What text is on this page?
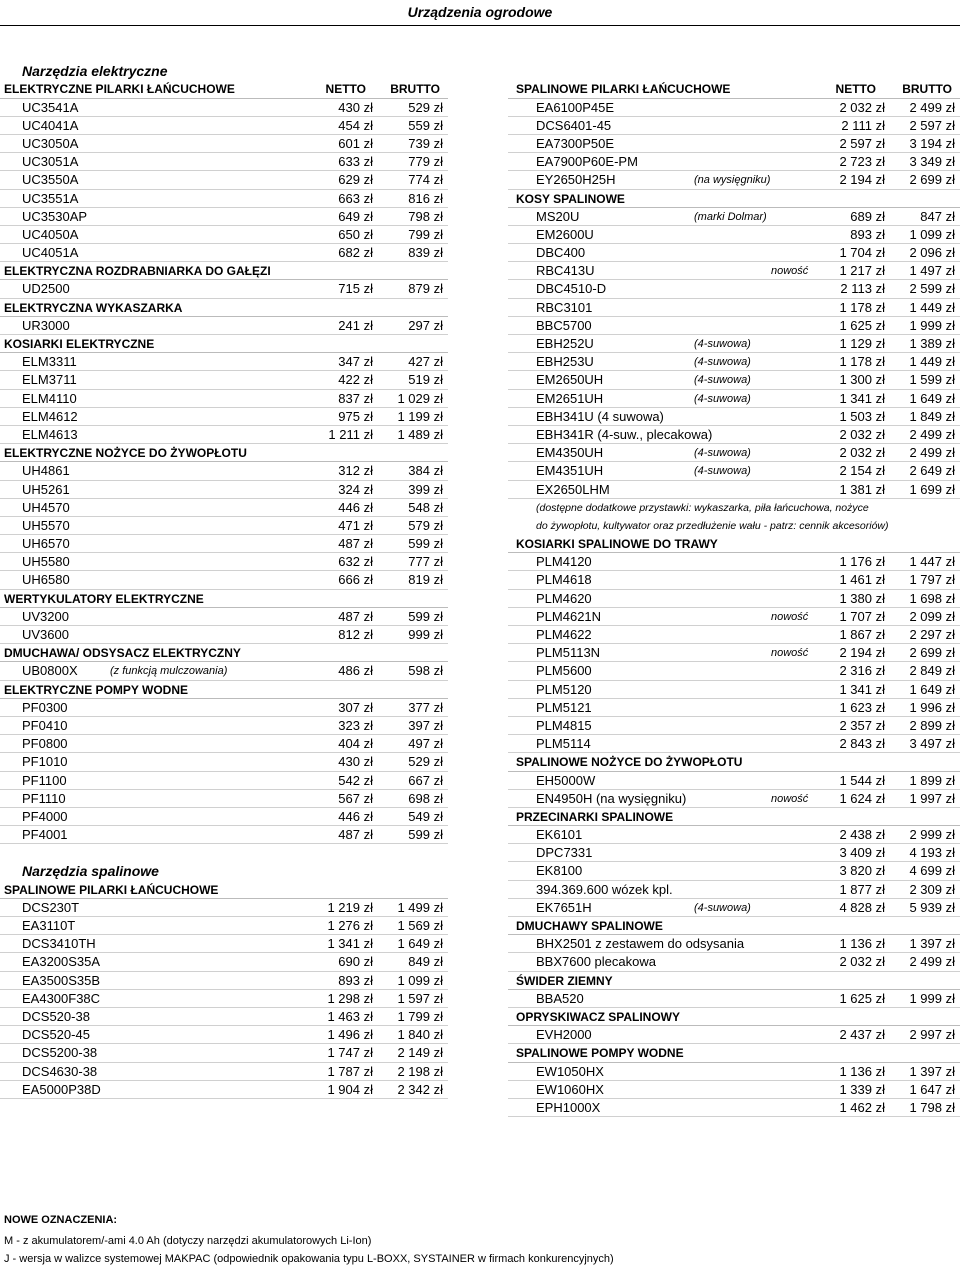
Urządzenia ogrodowe
Narzędzia elektryczne
ELEKTRYCZNE PILARKI ŁAŃCUCHOWE	NETTO BRUTTO
UC3541A	430 zł	529 zł
UC4041A	454 zł	559 zł
UC3050A	601 zł	739 zł
UC3051A	633 zł	779 zł
UC3550A	629 zł	774 zł
UC3551A	663 zł	816 zł
UC3530AP	649 zł	798 zł
UC4050A	650 zł	799 zł
UC4051A	682 zł	839 zł
ELEKTRYCZNA ROZDRABNIARKA DO GAŁĘZI
UD2500	715 zł	879 zł
ELEKTRYCZNA WYKASZARKA
UR3000	241 zł	297 zł
KOSIARKI ELEKTRYCZNE
ELM3311	347 zł	427 zł
ELM3711	422 zł	519 zł
ELM4110	837 zł 1 029 zł
ELM4612	975 zł 1 199 zł
ELM4613	1 211 zł 1 489 zł
ELEKTRYCZNE NOŻYCE DO ŻYWOPŁOTU
UH4861	312 zł	384 zł
UH5261	324 zł	399 zł
UH4570	446 zł	548 zł
UH5570	471 zł	579 zł
UH6570	487 zł	599 zł
UH5580	632 zł	777 zł
UH6580	666 zł	819 zł
WERTYKULATORY ELEKTRYCZNE
UV3200	487 zł	599 zł
UV3600	812 zł	999 zł
DMUCHAWA/ ODSYSACZ ELEKTRYCZNY
UB0800X	(z funkcją mulczowania)	486 zł	598 zł
ELEKTRYCZNE POMPY WODNE
PF0300	307 zł	377 zł
PF0410	323 zł	397 zł
PF0800	404 zł	497 zł
PF1010	430 zł	529 zł
PF1100	542 zł	667 zł
PF1110	567 zł	698 zł
PF4000	446 zł	549 zł
PF4001	487 zł	599 zł
Narzędzia spalinowe
SPALINOWE PILARKI ŁAŃCUCHOWE
DCS230T	1 219 zł 1 499 zł
EA3110T	1 276 zł 1 569 zł
DCS3410TH	1 341 zł 1 649 zł
EA3200S35A	690 zł	849 zł
EA3500S35B	893 zł 1 099 zł
EA4300F38C	1 298 zł 1 597 zł
DCS520-38	1 463 zł 1 799 zł
DCS520-45	1 496 zł 1 840 zł
DCS5200-38	1 747 zł 2 149 zł
DCS4630-38	1 787 zł 2 198 zł
EA5000P38D	1 904 zł 2 342 zł
SPALINOWE PILARKI ŁAŃCUCHOWE	NETTO BRUTTO
EA6100P45E	2 032 zł 2 499 zł
DCS6401-45	2 111 zł 2 597 zł
EA7300P50E	2 597 zł 3 194 zł
EA7900P60E-PM	2 723 zł 3 349 zł
EY2650H25H	(na wysięgniku)	2 194 zł 2 699 zł
KOSY SPALINOWE
MS20U	(marki Dolmar)	689 zł	847 zł
EM2600U	893 zł 1 099 zł
DBC400	1 704 zł 2 096 zł
RBC413U	nowość 1 217 zł 1 497 zł
DBC4510-D	2 113 zł 2 599 zł
RBC3101	1 178 zł 1 449 zł
BBC5700	1 625 zł 1 999 zł
EBH252U	(4-suwowa)	1 129 zł 1 389 zł
EBH253U	(4-suwowa)	1 178 zł 1 449 zł
EM2650UH	(4-suwowa)	1 300 zł 1 599 zł
EM2651UH	(4-suwowa)	1 341 zł 1 649 zł
EBH341U (4 suwowa)	1 503 zł 1 849 zł
EBH341R (4-suw., plecakowa)	2 032 zł 2 499 zł
EM4350UH	(4-suwowa)	2 032 zł 2 499 zł
EM4351UH	(4-suwowa)	2 154 zł 2 649 zł
EX2650LHM	1 381 zł 1 699 zł
(dostępne dodatkowe przystawki: wykaszarka, piła łańcuchowa, nożyce
do żywopłotu, kultywator oraz przedłużenie wału - patrz: cennik akcesoriów)
KOSIARKI SPALINOWE DO TRAWY
PLM4120	1 176 zł 1 447 zł
PLM4618	1 461 zł 1 797 zł
PLM4620	1 380 zł 1 698 zł
PLM4621N	nowość 1 707 zł 2 099 zł
PLM4622	1 867 zł 2 297 zł
PLM5113N	nowość 2 194 zł 2 699 zł
PLM5600	2 316 zł 2 849 zł
PLM5120	1 341 zł 1 649 zł
PLM5121	1 623 zł 1 996 zł
PLM4815	2 357 zł 2 899 zł
PLM5114	2 843 zł 3 497 zł
SPALINOWE NOŻYCE DO ŻYWOPŁOTU
EH5000W	1 544 zł 1 899 zł
EN4950H (na wysięgniku)	nowość 1 624 zł 1 997 zł
PRZECINARKI SPALINOWE
EK6101	2 438 zł 2 999 zł
DPC7331	3 409 zł 4 193 zł
EK8100	3 820 zł 4 699 zł
394.369.600 wózek kpl.	1 877 zł 2 309 zł
EK7651H	(4-suwowa)	4 828 zł 5 939 zł
DMUCHAWY SPALINOWE
BHX2501 z zestawem do odsysania	1 136 zł 1 397 zł
BBX7600 plecakowa	2 032 zł 2 499 zł
ŚWIDER ZIEMNY
BBA520	1 625 zł 1 999 zł
OPRYSKIWACZ SPALINOWY
EVH2000	2 437 zł 2 997 zł
SPALINOWE POMPY WODNE
EW1050HX	1 136 zł 1 397 zł
EW1060HX	1 339 zł 1 647 zł
EPH1000X	1 462 zł 1 798 zł
NOWE OZNACZENIA:
M - z akumulatorem/-ami 4.0 Ah (dotyczy narzędzi akumulatorowych Li-Ion)
J - wersja w walizce systemowej MAKPAC (odpowiednik opakowania typu L-BOXX, SYSTAINER w firmach konkurencyjnych)
